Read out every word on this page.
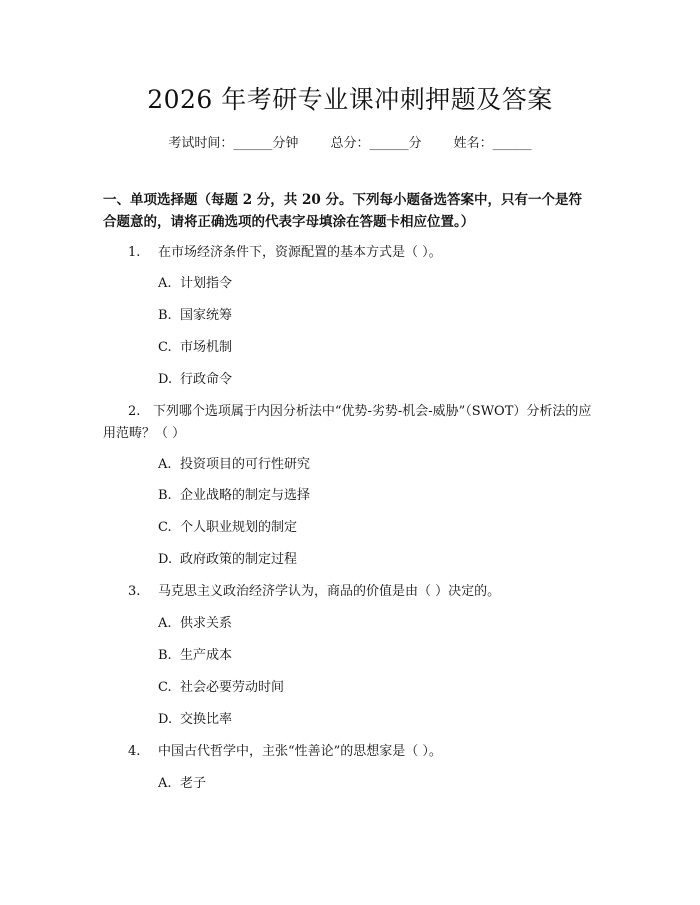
2026 年考研专业课冲刺押题及答案
考试时间：______分钟 总分：______分 姓名：______
一、单项选择题（每题 2 分，共 20 分。下列每小题备选答案中，只有一个是符合题意的，请将正确选项的代表字母填涂在答题卡相应位置。）
1. 在市场经济条件下，资源配置的基本方式是（ ）。
A. 计划指令
B. 国家统筹
C. 市场机制
D. 行政命令
2. 下列哪个选项属于内因分析法中“优势-劣势-机会-威胁”（SWOT）分析法的应用范畴？（ ）
A. 投资项目的可行性研究
B. 企业战略的制定与选择
C. 个人职业规划的制定
D. 政府政策的制定过程
3. 马克思主义政治经济学认为，商品的价值是由（ ）决定的。
A. 供求关系
B. 生产成本
C. 社会必要劳动时间
D. 交换比率
4. 中国古代哲学中，主张“性善论”的思想家是（ ）。
A. 老子
